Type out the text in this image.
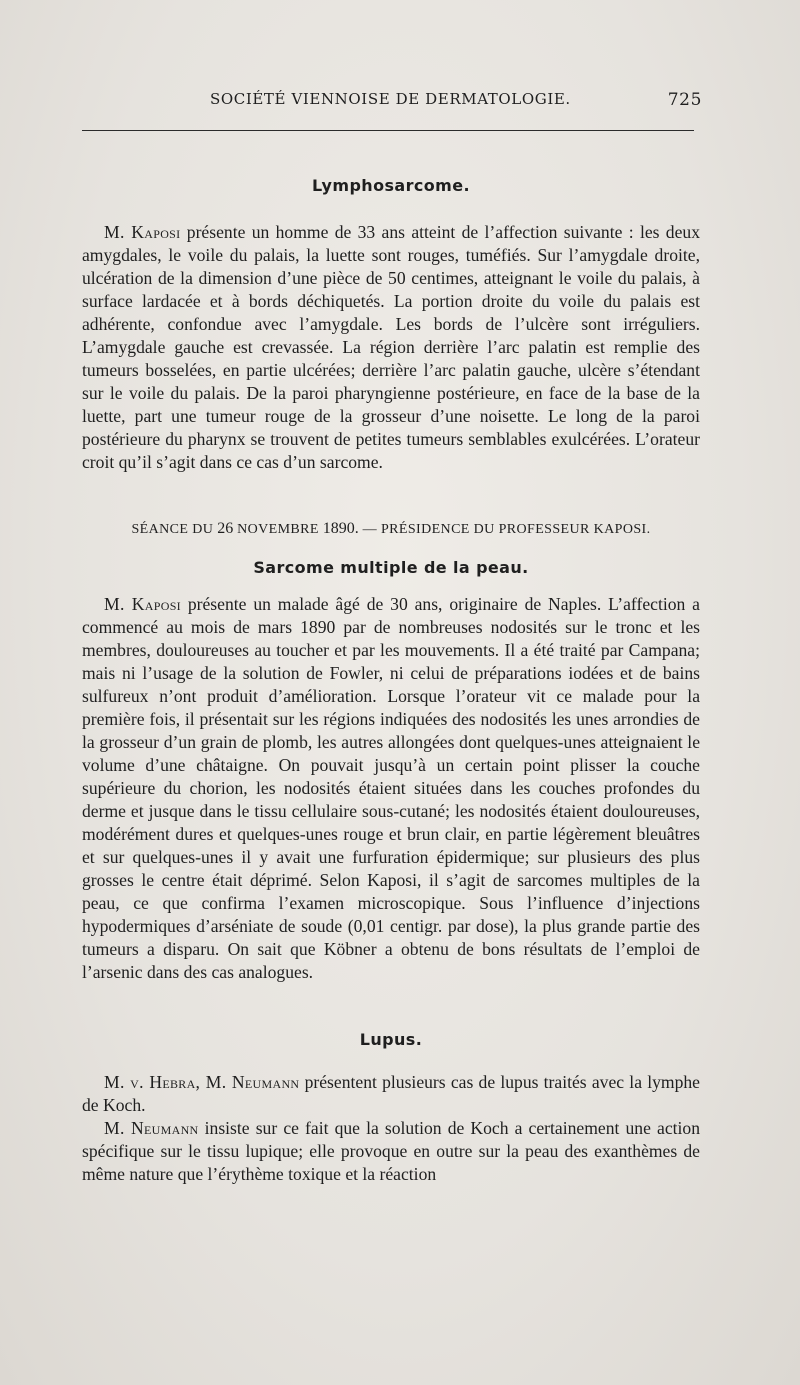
SOCIÉTÉ VIENNOISE DE DERMATOLOGIE.	725
Lymphosarcome.

M. Kaposi présente un homme de 33 ans atteint de l’affection suivante : les deux amygdales, le voile du palais, la luette sont rouges, tuméfiés. Sur l’amygdale droite, ulcération de la dimension d’une pièce de 50 centimes, atteignant le voile du palais, à surface lardacée et à bords déchiquetés. La portion droite du voile du palais est adhérente, confondue avec l’amygdale. Les bords de l’ulcère sont irréguliers. L’amygdale gauche est crevassée. La région derrière l’arc palatin est remplie des tumeurs bosselées, en partie ulcérées; derrière l’arc palatin gauche, ulcère s’étendant sur le voile du palais. De la paroi pharyngienne postérieure, en face de la base de la luette, part une tumeur rouge de la grosseur d’une noisette. Le long de la paroi postérieure du pharynx se trouvent de petites tumeurs semblables exulcérées. L’orateur croit qu’il s’agit dans ce cas d’un sarcome.

SÉANCE DU 26 NOVEMBRE 1890. — PRÉSIDENCE DU PROFESSEUR KAPOSI.
Sarcome multiple de la peau.

M. Kaposi présente un malade âgé de 30 ans, originaire de Naples. L’affection a commencé au mois de mars 1890 par de nombreuses nodosités sur le tronc et les membres, douloureuses au toucher et par les mouvements. Il a été traité par Campana; mais ni l’usage de la solution de Fowler, ni celui de préparations iodées et de bains sulfureux n’ont produit d’amélioration. Lorsque l’orateur vit ce malade pour la première fois, il présentait sur les régions indiquées des nodosités les unes arrondies de la grosseur d’un grain de plomb, les autres allongées dont quelques-unes atteignaient le volume d’une châtaigne. On pouvait jusqu’à un certain point plisser la couche supérieure du chorion, les nodosités étaient situées dans les couches profondes du derme et jusque dans le tissu cellulaire sous-cutané; les nodosités étaient douloureuses, modérément dures et quelques-unes rouge et brun clair, en partie légèrement bleuâtres et sur quelques-unes il y avait une furfuration épidermique; sur plusieurs des plus grosses le centre était déprimé. Selon Kaposi, il s’agit de sarcomes multiples de la peau, ce que confirma l’examen microscopique. Sous l’influence d’injections hypodermiques d’arséniate de soude (0,01 centigr. par dose), la plus grande partie des tumeurs a disparu. On sait que Köbner a obtenu de bons résultats de l’emploi de l’arsenic dans des cas analogues.

Lupus.

M. v. Hebra, M. Neumann présentent plusieurs cas de lupus traités avec la lymphe de Koch.

M. Neumann insiste sur ce fait que la solution de Koch a certainement une action spécifique sur le tissu lupique; elle provoque en outre sur la peau des exanthèmes de même nature que l’érythème toxique et la réaction
